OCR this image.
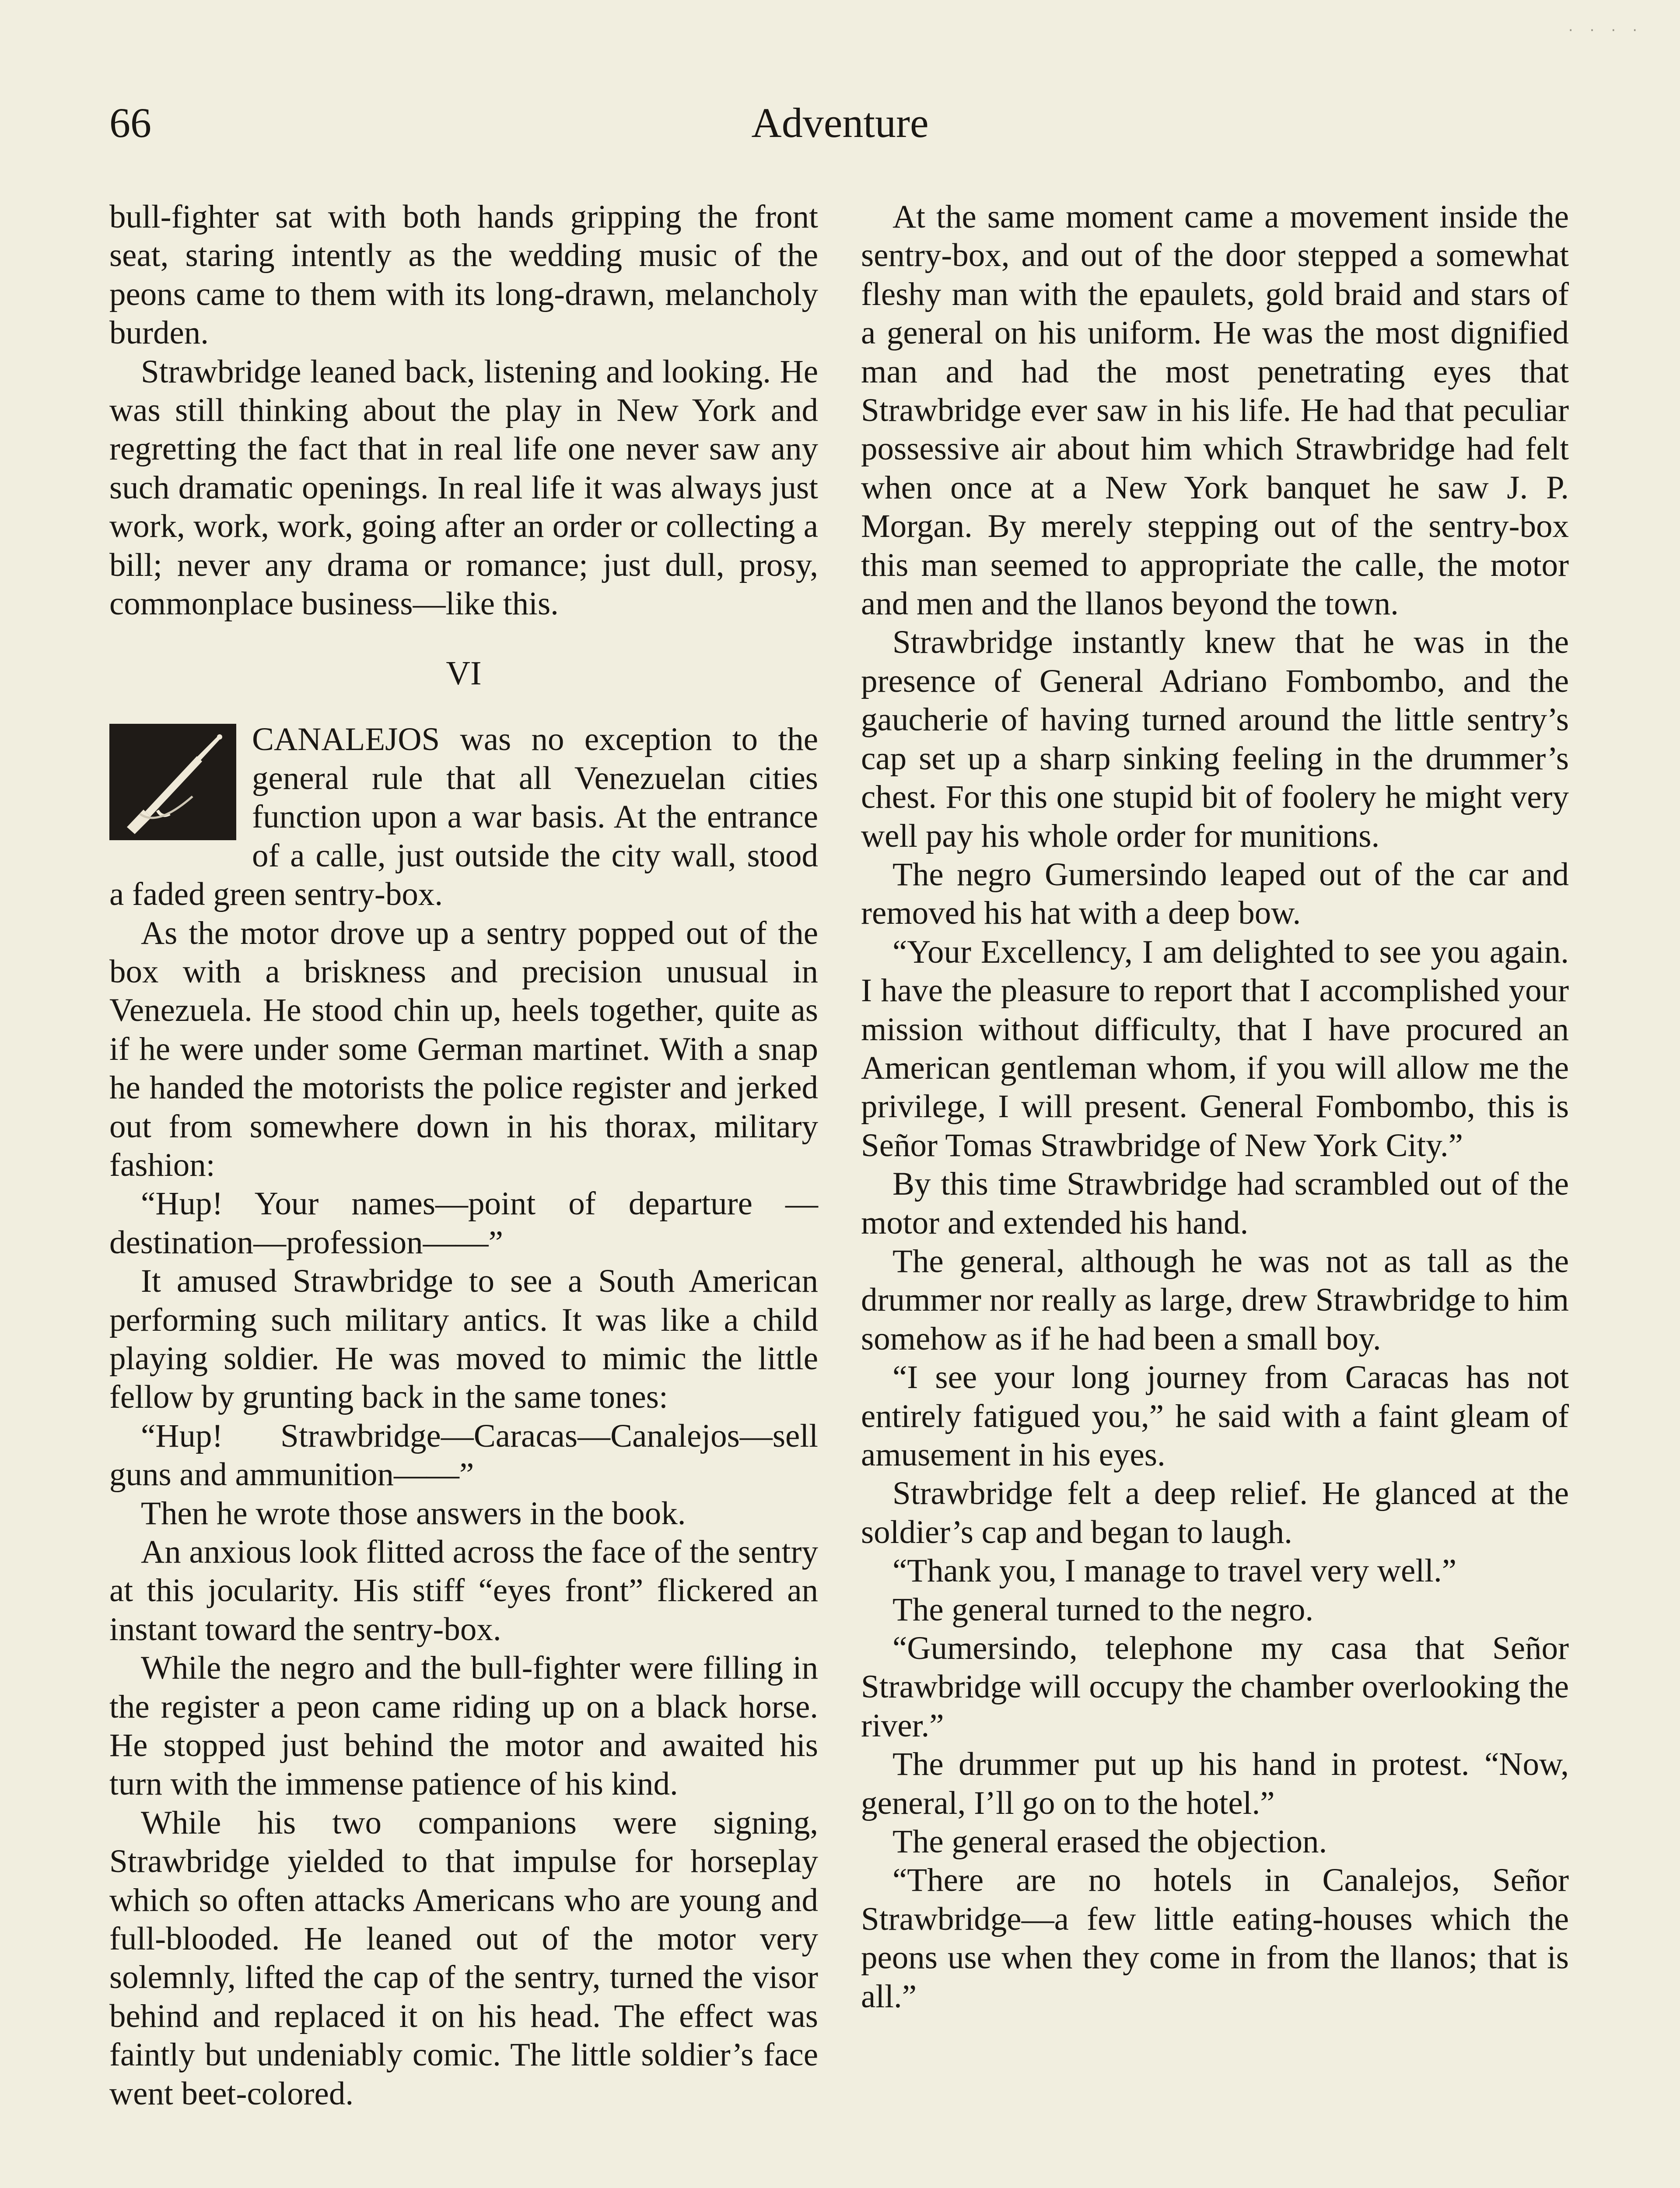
....
66	Adventure

bull-fighter sat with both hands gripping the front seat, staring intently as the wedding music of the peons came to them with its long-drawn, melancholy burden.

Strawbridge leaned back, listening and looking. He was still thinking about the play in New York and regretting the fact that in real life one never saw any such dramatic openings. In real life it was always just work, work, work, going after an order or collecting a bill; never any drama or romance; just dull, prosy, commonplace business—like this.

VI

CANALEJOS was no exception to the general rule that all Venezuelan cities function upon a war basis. At the entrance of a calle, just outside the city wall, stood a faded green sentry-box.

As the motor drove up a sentry popped out of the box with a briskness and precision unusual in Venezuela. He stood chin up, heels together, quite as if he were under some German martinet. With a snap he handed the motorists the police register and jerked out from somewhere down in his thorax, military fashion:

“Hup! Your names—point of departure —destination—profession——”

It amused Strawbridge to see a South American performing such military antics. It was like a child playing soldier. He was moved to mimic the little fellow by grunting back in the same tones:

“Hup! Strawbridge—Caracas—Canalejos—sell guns and ammunition——”

Then he wrote those answers in the book.

An anxious look flitted across the face of the sentry at this jocularity. His stiff “eyes front” flickered an instant toward the sentry-box.

While the negro and the bull-fighter were filling in the register a peon came riding up on a black horse. He stopped just behind the motor and awaited his turn with the immense patience of his kind.

While his two companions were signing, Strawbridge yielded to that impulse for horseplay which so often attacks Americans who are young and full-blooded. He leaned out of the motor very solemnly, lifted the cap of the sentry, turned the visor behind and replaced it on his head. The effect was faintly but undeniably comic. The little soldier’s face went beet-colored.

At the same moment came a movement inside the sentry-box, and out of the door stepped a somewhat fleshy man with the epaulets, gold braid and stars of a general on his uniform. He was the most dignified man and had the most penetrating eyes that Strawbridge ever saw in his life. He had that peculiar possessive air about him which Strawbridge had felt when once at a New York banquet he saw J. P. Morgan. By merely stepping out of the sentry-box this man seemed to appropriate the calle, the motor and men and the llanos beyond the town.

Strawbridge instantly knew that he was in the presence of General Adriano Fombombo, and the gaucherie of having turned around the little sentry’s cap set up a sharp sinking feeling in the drummer’s chest. For this one stupid bit of foolery he might very well pay his whole order for munitions.

The negro Gumersindo leaped out of the car and removed his hat with a deep bow.

“Your Excellency, I am delighted to see you again. I have the pleasure to report that I accomplished your mission without difficulty, that I have procured an American gentleman whom, if you will allow me the privilege, I will present. General Fombombo, this is Señor Tomas Strawbridge of New York City.”

By this time Strawbridge had scrambled out of the motor and extended his hand.

The general, although he was not as tall as the drummer nor really as large, drew Strawbridge to him somehow as if he had been a small boy.

“I see your long journey from Caracas has not entirely fatigued you,” he said with a faint gleam of amusement in his eyes.

Strawbridge felt a deep relief. He glanced at the soldier’s cap and began to laugh.

“Thank you, I manage to travel very well.”

The general turned to the negro.

“Gumersindo, telephone my casa that Señor Strawbridge will occupy the chamber overlooking the river.”

The drummer put up his hand in protest. “Now, general, I’ll go on to the hotel.”

The general erased the objection.

“There are no hotels in Canalejos, Señor Strawbridge—a few little eating-houses which the peons use when they come in from the llanos; that is all.”
